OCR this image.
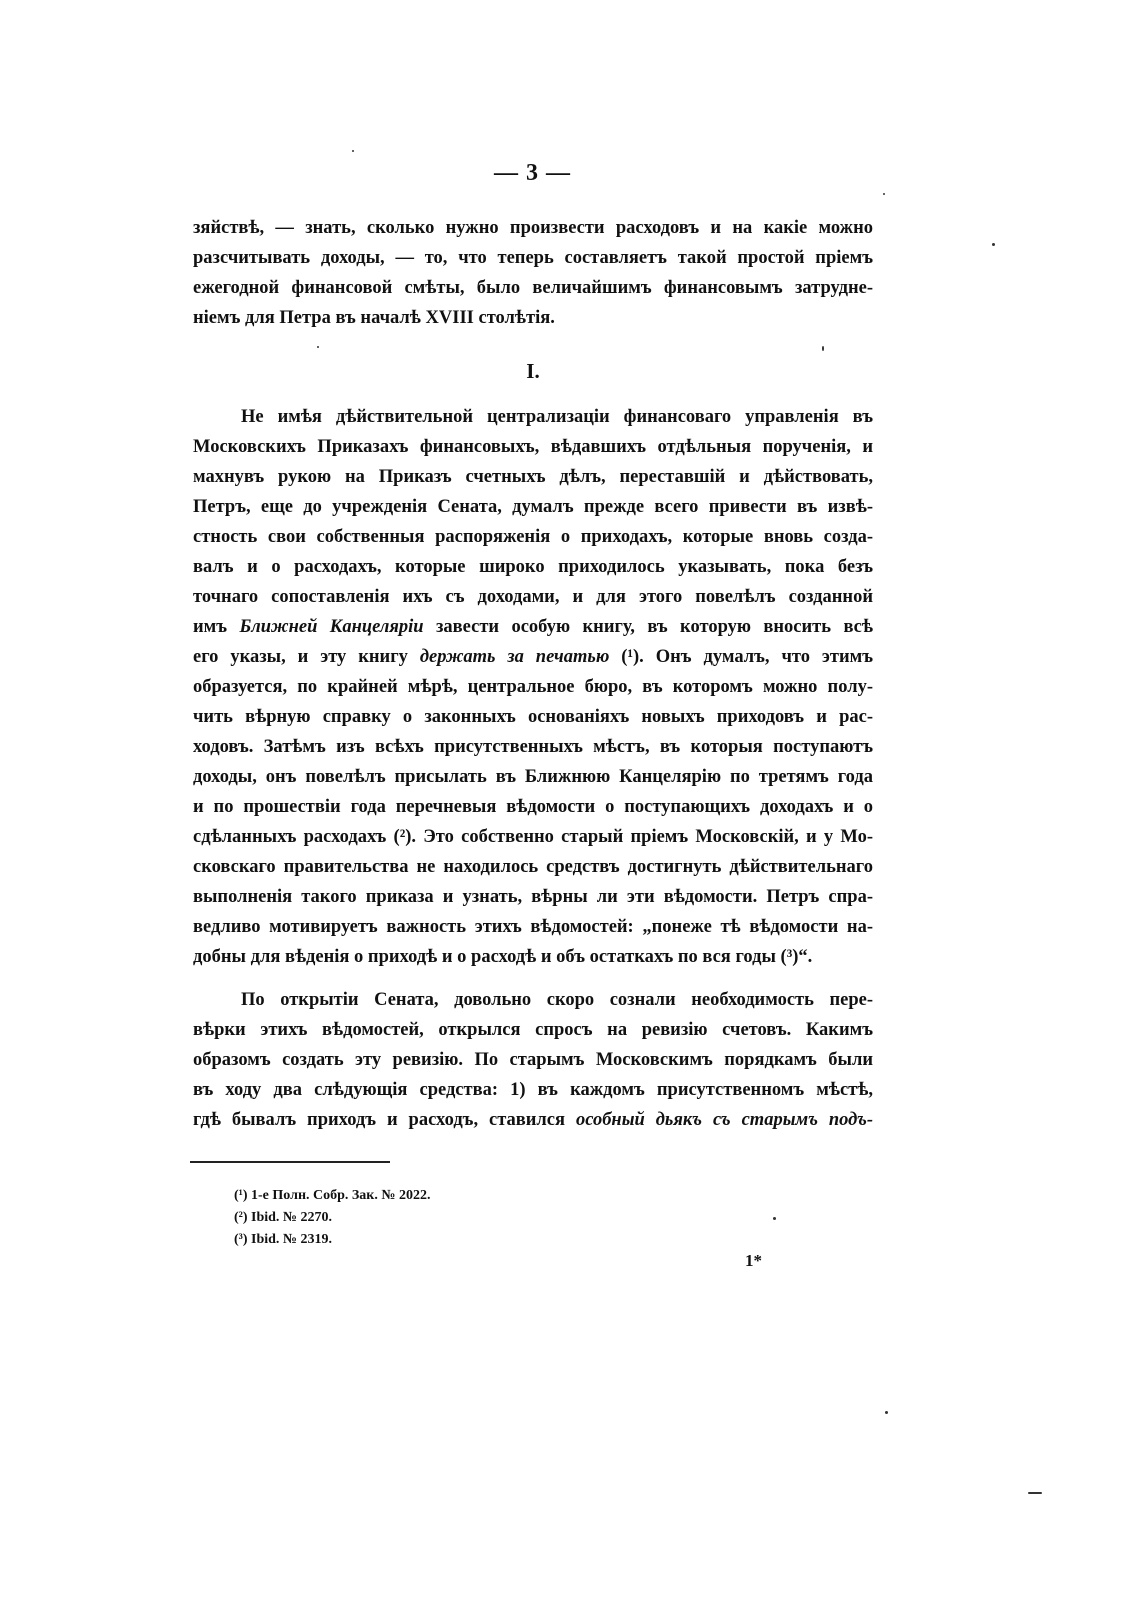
— 3 —
зяйствѣ, — знать, сколько нужно произвести расходовъ и на какіе можно
разсчитывать доходы, — то, что теперь составляетъ такой простой пріемъ
ежегодной финансовой смѣты, было величайшимъ финансовымъ затрудне-
ніемъ для Петра въ началѣ XVIII столѣтія.
I.
Не имѣя дѣйствительной централизаціи финансоваго управленія въ
Московскихъ Приказахъ финансовыхъ, вѣдавшихъ отдѣльныя порученія, и
махнувъ рукою на Приказъ счетныхъ дѣлъ, переставшій и дѣйствовать,
Петръ, еще до учрежденія Сената, думалъ прежде всего привести въ извѣ-
стность свои собственныя распоряженія о приходахъ, которые вновь созда-
валъ и о расходахъ, которые широко приходилось указывать, пока безъ
точнаго сопоставленія ихъ съ доходами, и для этого повелѣлъ созданной
имъ Ближней Канцеляріи завести особую книгу, въ которую вносить всѣ
его указы, и эту книгу держать за печатью (¹). Онъ думалъ, что этимъ
образуется, по крайней мѣрѣ, центральное бюро, въ которомъ можно полу-
чить вѣрную справку о законныхъ основаніяхъ новыхъ приходовъ и рас-
ходовъ. Затѣмъ изъ всѣхъ присутственныхъ мѣстъ, въ которыя поступаютъ
доходы, онъ повелѣлъ присылать въ Ближнюю Канцелярію по третямъ года
и по прошествіи года перечневыя вѣдомости о поступающихъ доходахъ и о
сдѣланныхъ расходахъ (²). Это собственно старый пріемъ Московскій, и у Мо-
сковскаго правительства не находилось средствъ достигнуть дѣйствительнаго
выполненія такого приказа и узнать, вѣрны ли эти вѣдомости. Петръ спра-
ведливо мотивируетъ важность этихъ вѣдомостей: „понеже тѣ вѣдомости на-
добны для вѣденія о приходѣ и о расходѣ и объ остаткахъ по вся годы (³)“.
По открытіи Сената, довольно скоро сознали необходимость пере-
вѣрки этихъ вѣдомостей, открылся спросъ на ревизію счетовъ. Какимъ
образомъ создать эту ревизію. По старымъ Московскимъ порядкамъ были
въ ходу два слѣдующія средства: 1) въ каждомъ присутственномъ мѣстѣ,
гдѣ бывалъ приходъ и расходъ, ставился особный дьякъ съ старымъ подъ-
(¹) 1-е Полн. Собр. Зак. № 2022.
(²) Ibid. № 2270.
(³) Ibid. № 2319.
1*
